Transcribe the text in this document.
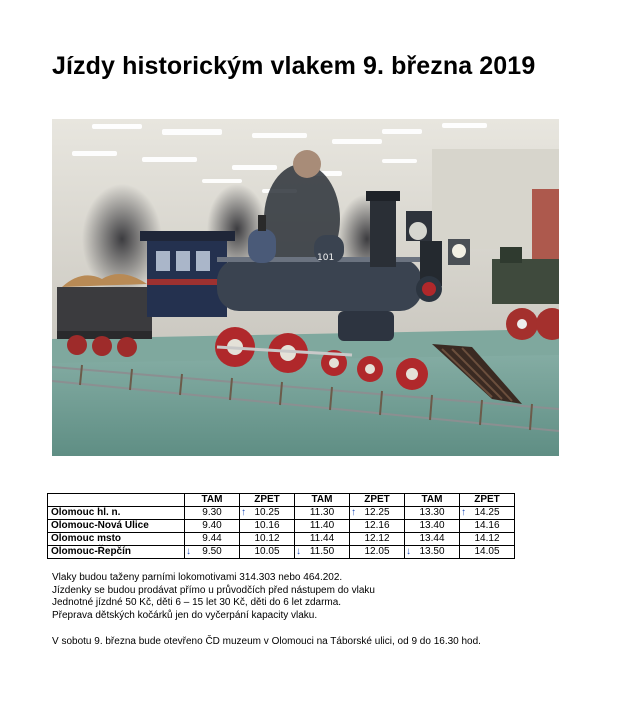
Jízdy historickým vlakem 9. března 2019
101
	TAM	ZPET	TAM	ZPET	TAM	ZPET
Olomouc hl. n.	9.30	↑ 10.25	11.30	↑ 12.25	13.30	↑ 14.25
Olomouc-Nová Ulice	9.40	10.16	11.40	12.16	13.40	14.16
Olomouc msto	9.44	10.12	11.44	12.12	13.44	14.12
Olomouc-Řepčín	↓ 9.50	10.05	↓ 11.50	12.05	↓ 13.50	14.05

Vlaky budou taženy parními lokomotivami 314.303 nebo 464.202.

Jízdenky se budou prodávat přímo u průvodčích před nástupem do vlaku

Jednotné jízdné 50 Kč, děti 6 – 15 let 30 Kč, děti do 6 let zdarma.

Přeprava dětských kočárků jen do vyčerpání kapacity vlaku.

V sobotu 9. března bude otevřeno ČD muzeum v Olomouci na Táborské ulici, od 9 do 16.30 hod.
